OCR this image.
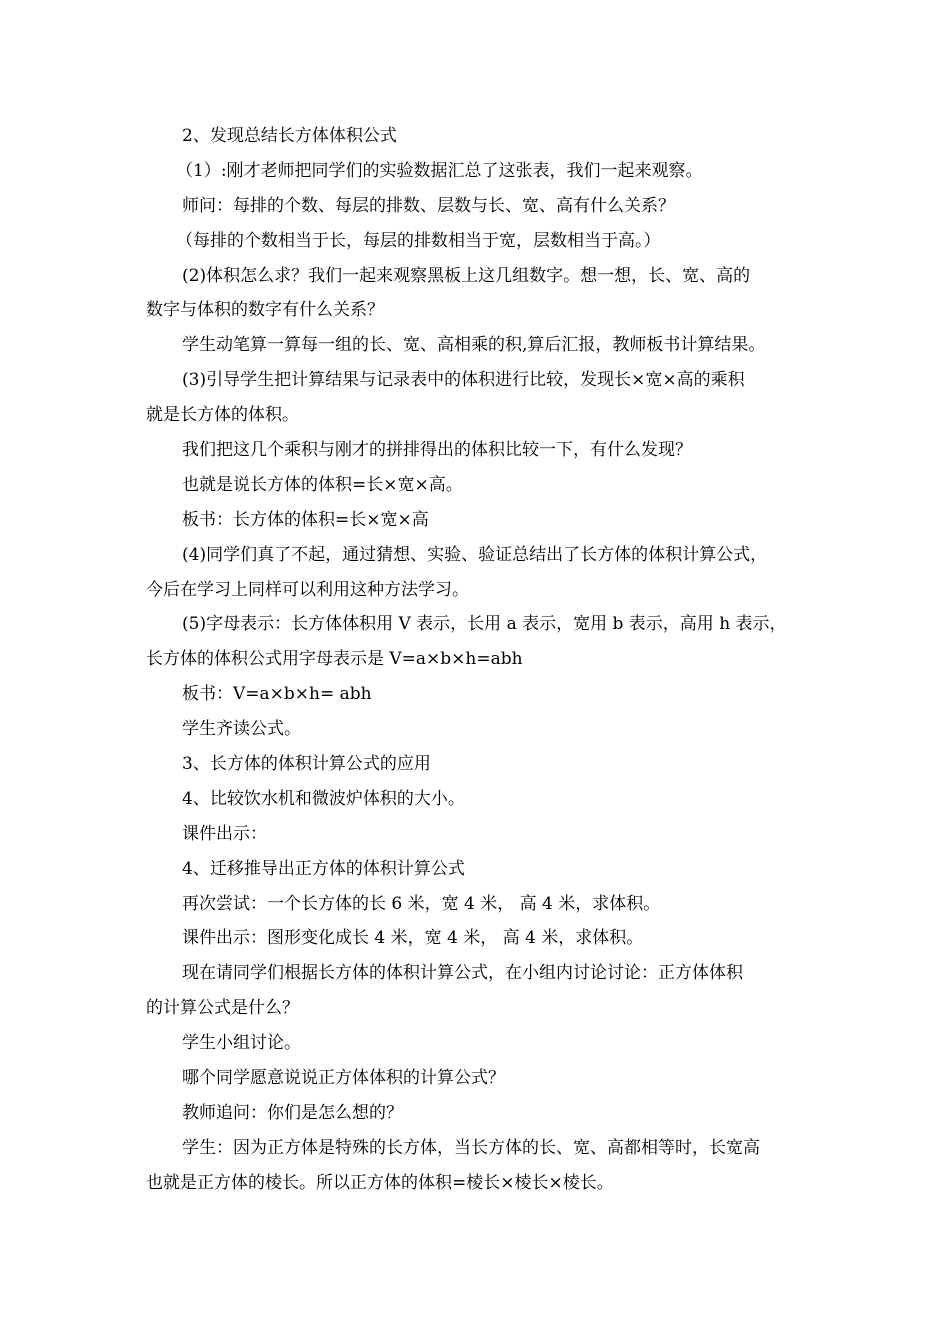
2、发现总结长方体体积公式
（1）:刚才老师把同学们的实验数据汇总了这张表，我们一起来观察。
师问：每排的个数、每层的排数、层数与长、宽、高有什么关系？
（每排的个数相当于长，每层的排数相当于宽，层数相当于高。）
(2)体积怎么求？我们一起来观察黑板上这几组数字。想一想，长、宽、高的
数字与体积的数字有什么关系？
学生动笔算一算每一组的长、宽、高相乘的积,算后汇报，教师板书计算结果。
(3)引导学生把计算结果与记录表中的体积进行比较，发现长×宽×高的乘积
就是长方体的体积。
我们把这几个乘积与刚才的拼排得出的体积比较一下，有什么发现？
也就是说长方体的体积=长×宽×高。
板书：长方体的体积=长×宽×高
(4)同学们真了不起，通过猜想、实验、验证总结出了长方体的体积计算公式，
今后在学习上同样可以利用这种方法学习。
(5)字母表示：长方体体积用 V 表示，长用 a 表示，宽用 b 表示，高用 h 表示，
长方体的体积公式用字母表示是 V=a×b×h=abh
板书：V=a×b×h= abh
学生齐读公式。
3、长方体的体积计算公式的应用
4、比较饮水机和微波炉体积的大小。
课件出示：
4、迁移推导出正方体的体积计算公式
再次尝试：一个长方体的长 6 米，宽 4 米， 高 4 米，求体积。
课件出示：图形变化成长 4 米，宽 4 米， 高 4 米，求体积。
现在请同学们根据长方体的体积计算公式，在小组内讨论讨论：正方体体积
的计算公式是什么？
学生小组讨论。
哪个同学愿意说说正方体体积的计算公式？
教师追问：你们是怎么想的？
学生：因为正方体是特殊的长方体，当长方体的长、宽、高都相等时，长宽高
也就是正方体的棱长。所以正方体的体积=棱长×棱长×棱长。
